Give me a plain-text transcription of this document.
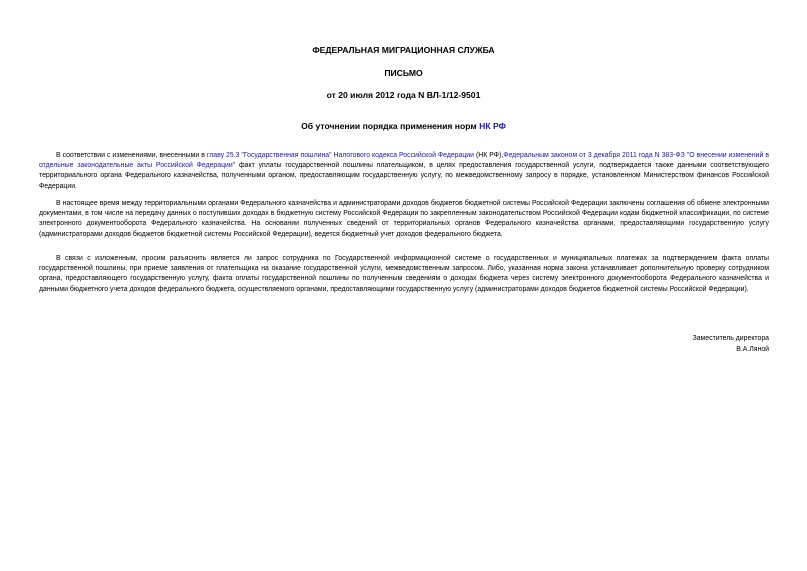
ФЕДЕРАЛЬНАЯ МИГРАЦИОННАЯ СЛУЖБА
ПИСЬМО
от 20 июля 2012 года N ВЛ-1/12-9501
Об уточнении порядка применения норм НК РФ
В соответствии с изменениями, внесенными в главу 25.3 "Государственная пошлина" Налогового кодекса Российской Федерации (НК РФ),Федеральным законом от 3 декабря 2011 года N 383-ФЗ "О внесении изменений в отдельные законодательные акты Российской Федерации" факт уплаты государственной пошлины плательщиком, в целях предоставления государственной услуги, подтверждается также данными соответствующего территориального органа Федерального казначейства, полученными органом, предоставляющим государственную услугу, по межведомственному запросу в порядке, установленном Министерством финансов Российской Федерации.
В настоящее время между территориальными органами Федерального казначейства и администраторами доходов бюджетов бюджетной системы Российской Федерации заключены соглашения об обмене электронными документами, в том числе на передачу данных о поступивших доходах в бюджетную систему Российской Федерации по закрепленным законодательством Российской Федерации кодам бюджетной классификации, по системе электронного документооборота Федерального казначейства. На основании полученных сведений от территориальных органов Федерального казначейства органами, предоставляющими государственную услугу (администраторами доходов бюджетов бюджетной системы Российской Федерации), ведется бюджетный учет доходов федерального бюджета.
В связи с изложенным, просим разъяснить является ли запрос сотрудника по Государственной информационной системе о государственных и муниципальных платежах за подтверждением факта оплаты государственной пошлины, при приеме заявления от плательщика на оказание государственной услуги, межведомственным запросом. Либо, указанная норма закона устанавливает дополнительную проверку сотрудником органа, предоставляющего государственную услугу, факта оплаты государственной пошлины по полученным сведениям о доходах бюджета через систему электронного документооборота Федерального казначейства и данными бюджетного учета доходов федерального бюджета, осуществляемого органами, предоставляющими государственную услугу (администраторами доходов бюджетов бюджетной системы Российской Федерации).
Заместитель директора
В.А.Ляной
